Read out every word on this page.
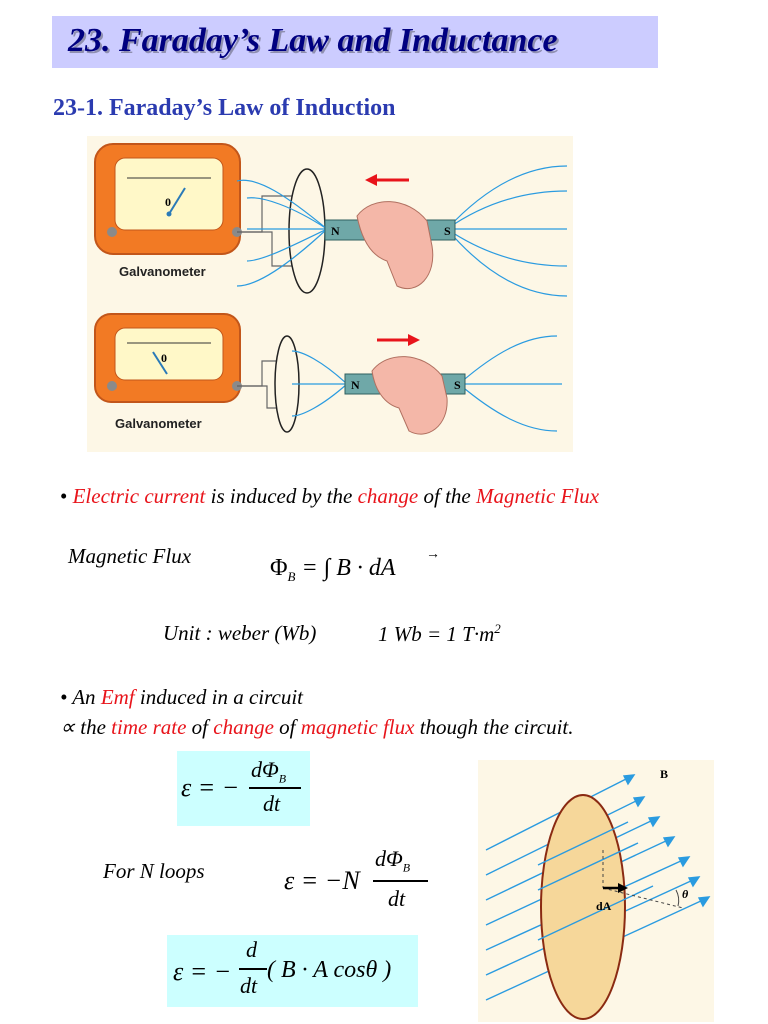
23. Faraday’s Law and Inductance
23-1. Faraday’s Law of Induction
0
Galvanometer
N	S
0
Galvanometer
N	S
• Electric current is induced by the change of the Magnetic Flux
Magnetic Flux	$\Phi_B$ = ∫ B · dA
→
Unit : weber (Wb)	1 Wb = 1 $T\cdot m^2$
• An Emf induced in a circuit
∝ the time rate of change of magnetic flux though the circuit.
ε = −
$d\Phi_B$
dt
For N loops	ε = −N
$d\Phi_B$
dt
ε = −
d
dt
( B · A cosθ )
B
dA
θ
